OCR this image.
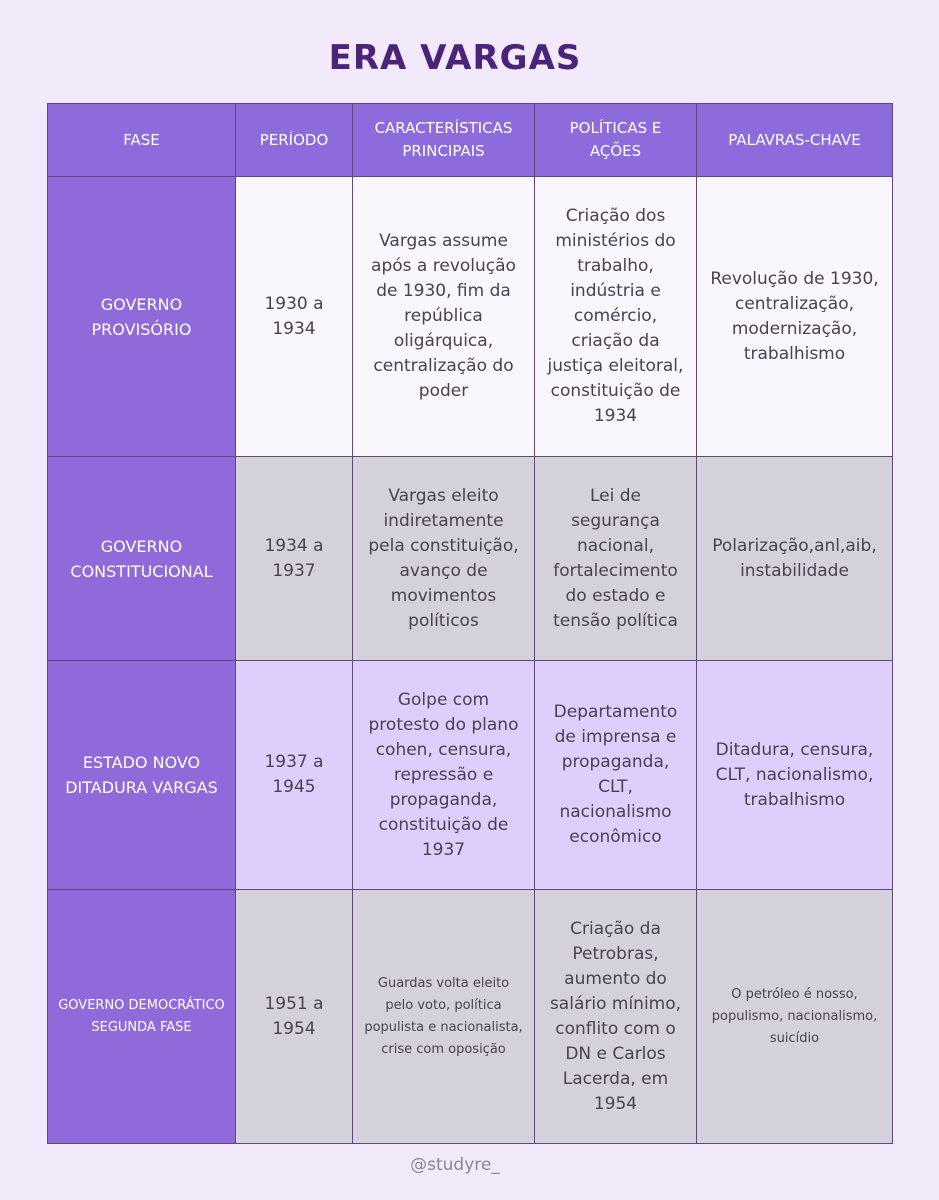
ERA VARGAS
FASE	PERÍODO	CARACTERÍSTICAS PRINCIPAIS	POLÍTICAS E AÇÕES	PALAVRAS-CHAVE
GOVERNO PROVISÓRIO	1930 a 1934	Vargas assume após a revolução de 1930, fim da república oligárquica, centralização do poder	Criação dos ministérios do trabalho, indústria e comércio, criação da justiça eleitoral, constituição de 1934	Revolução de 1930, centralização, modernização, trabalhismo
GOVERNO CONSTITUCIONAL	1934 a 1937	Vargas eleito indiretamente pela constituição, avanço de movimentos políticos	Lei de segurança nacional, fortalecimento do estado e tensão política	Polarização,anl,aib, instabilidade
ESTADO NOVO DITADURA VARGAS	1937 a 1945	Golpe com protesto do plano cohen, censura, repressão e propaganda, constituição de 1937	Departamento de imprensa e propaganda, CLT, nacionalismo econômico	Ditadura, censura, CLT, nacionalismo, trabalhismo
GOVERNO DEMOCRÁTICO SEGUNDA FASE	1951 a 1954	Guardas volta eleito pelo voto, política populista e nacionalista, crise com oposição	Criação da Petrobras, aumento do salário mínimo, conflito com o DN e Carlos Lacerda, em 1954	O petróleo é nosso, populismo, nacionalismo, suicídio
@studyre_
